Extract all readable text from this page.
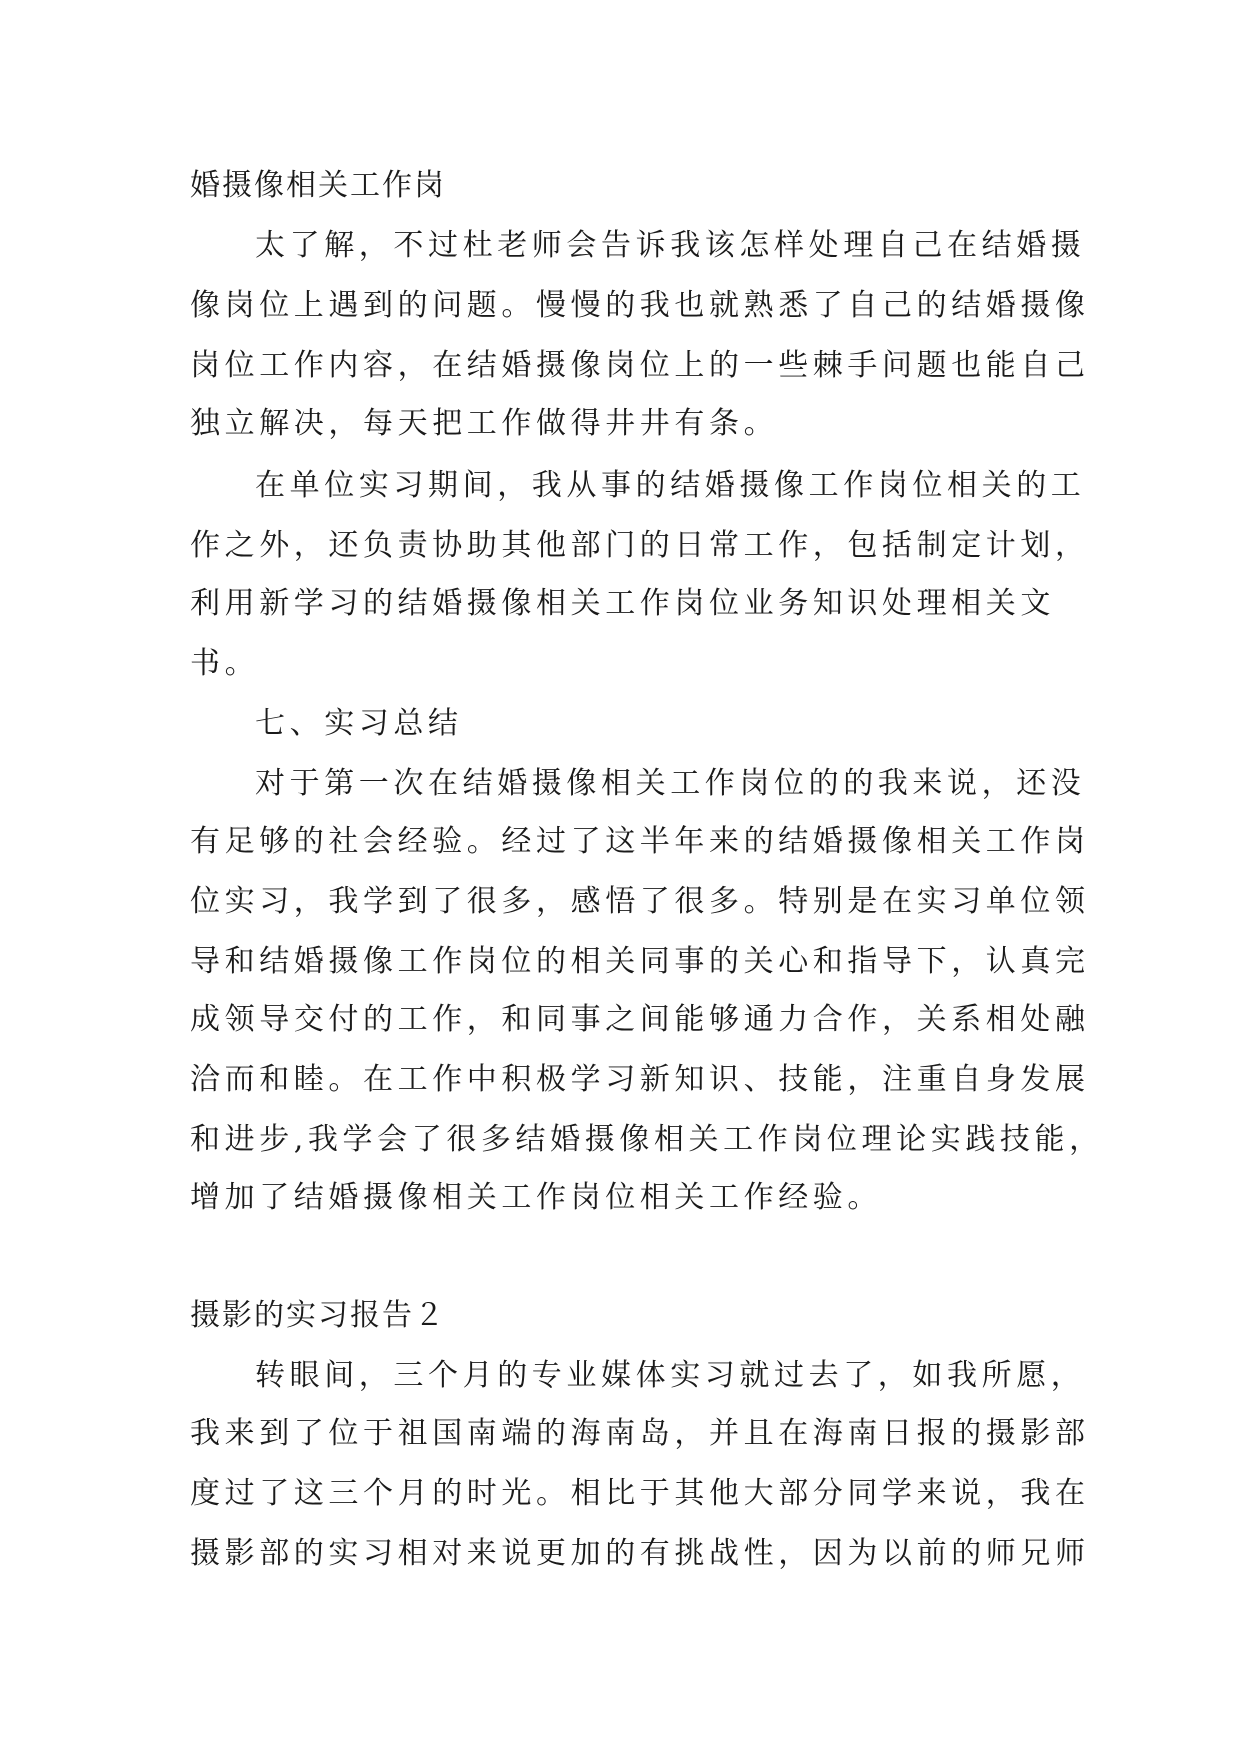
婚摄像相关工作岗
太了解，不过杜老师会告诉我该怎样处理自己在结婚摄
像岗位上遇到的问题。慢慢的我也就熟悉了自己的结婚摄像
岗位工作内容，在结婚摄像岗位上的一些棘手问题也能自己
独立解决，每天把工作做得井井有条。
在单位实习期间，我从事的结婚摄像工作岗位相关的工
作之外，还负责协助其他部门的日常工作，包括制定计划，
利用新学习的结婚摄像相关工作岗位业务知识处理相关文
书。
七、实习总结
对于第一次在结婚摄像相关工作岗位的的我来说，还没
有足够的社会经验。经过了这半年来的结婚摄像相关工作岗
位实习，我学到了很多，感悟了很多。特别是在实习单位领
导和结婚摄像工作岗位的相关同事的关心和指导下，认真完
成领导交付的工作，和同事之间能够通力合作，关系相处融
洽而和睦。在工作中积极学习新知识、技能，注重自身发展
和进步,我学会了很多结婚摄像相关工作岗位理论实践技能，
增加了结婚摄像相关工作岗位相关工作经验。
摄影的实习报告２
转眼间，三个月的专业媒体实习就过去了，如我所愿，
我来到了位于祖国南端的海南岛，并且在海南日报的摄影部
度过了这三个月的时光。相比于其他大部分同学来说，我在
摄影部的实习相对来说更加的有挑战性，因为以前的师兄师
